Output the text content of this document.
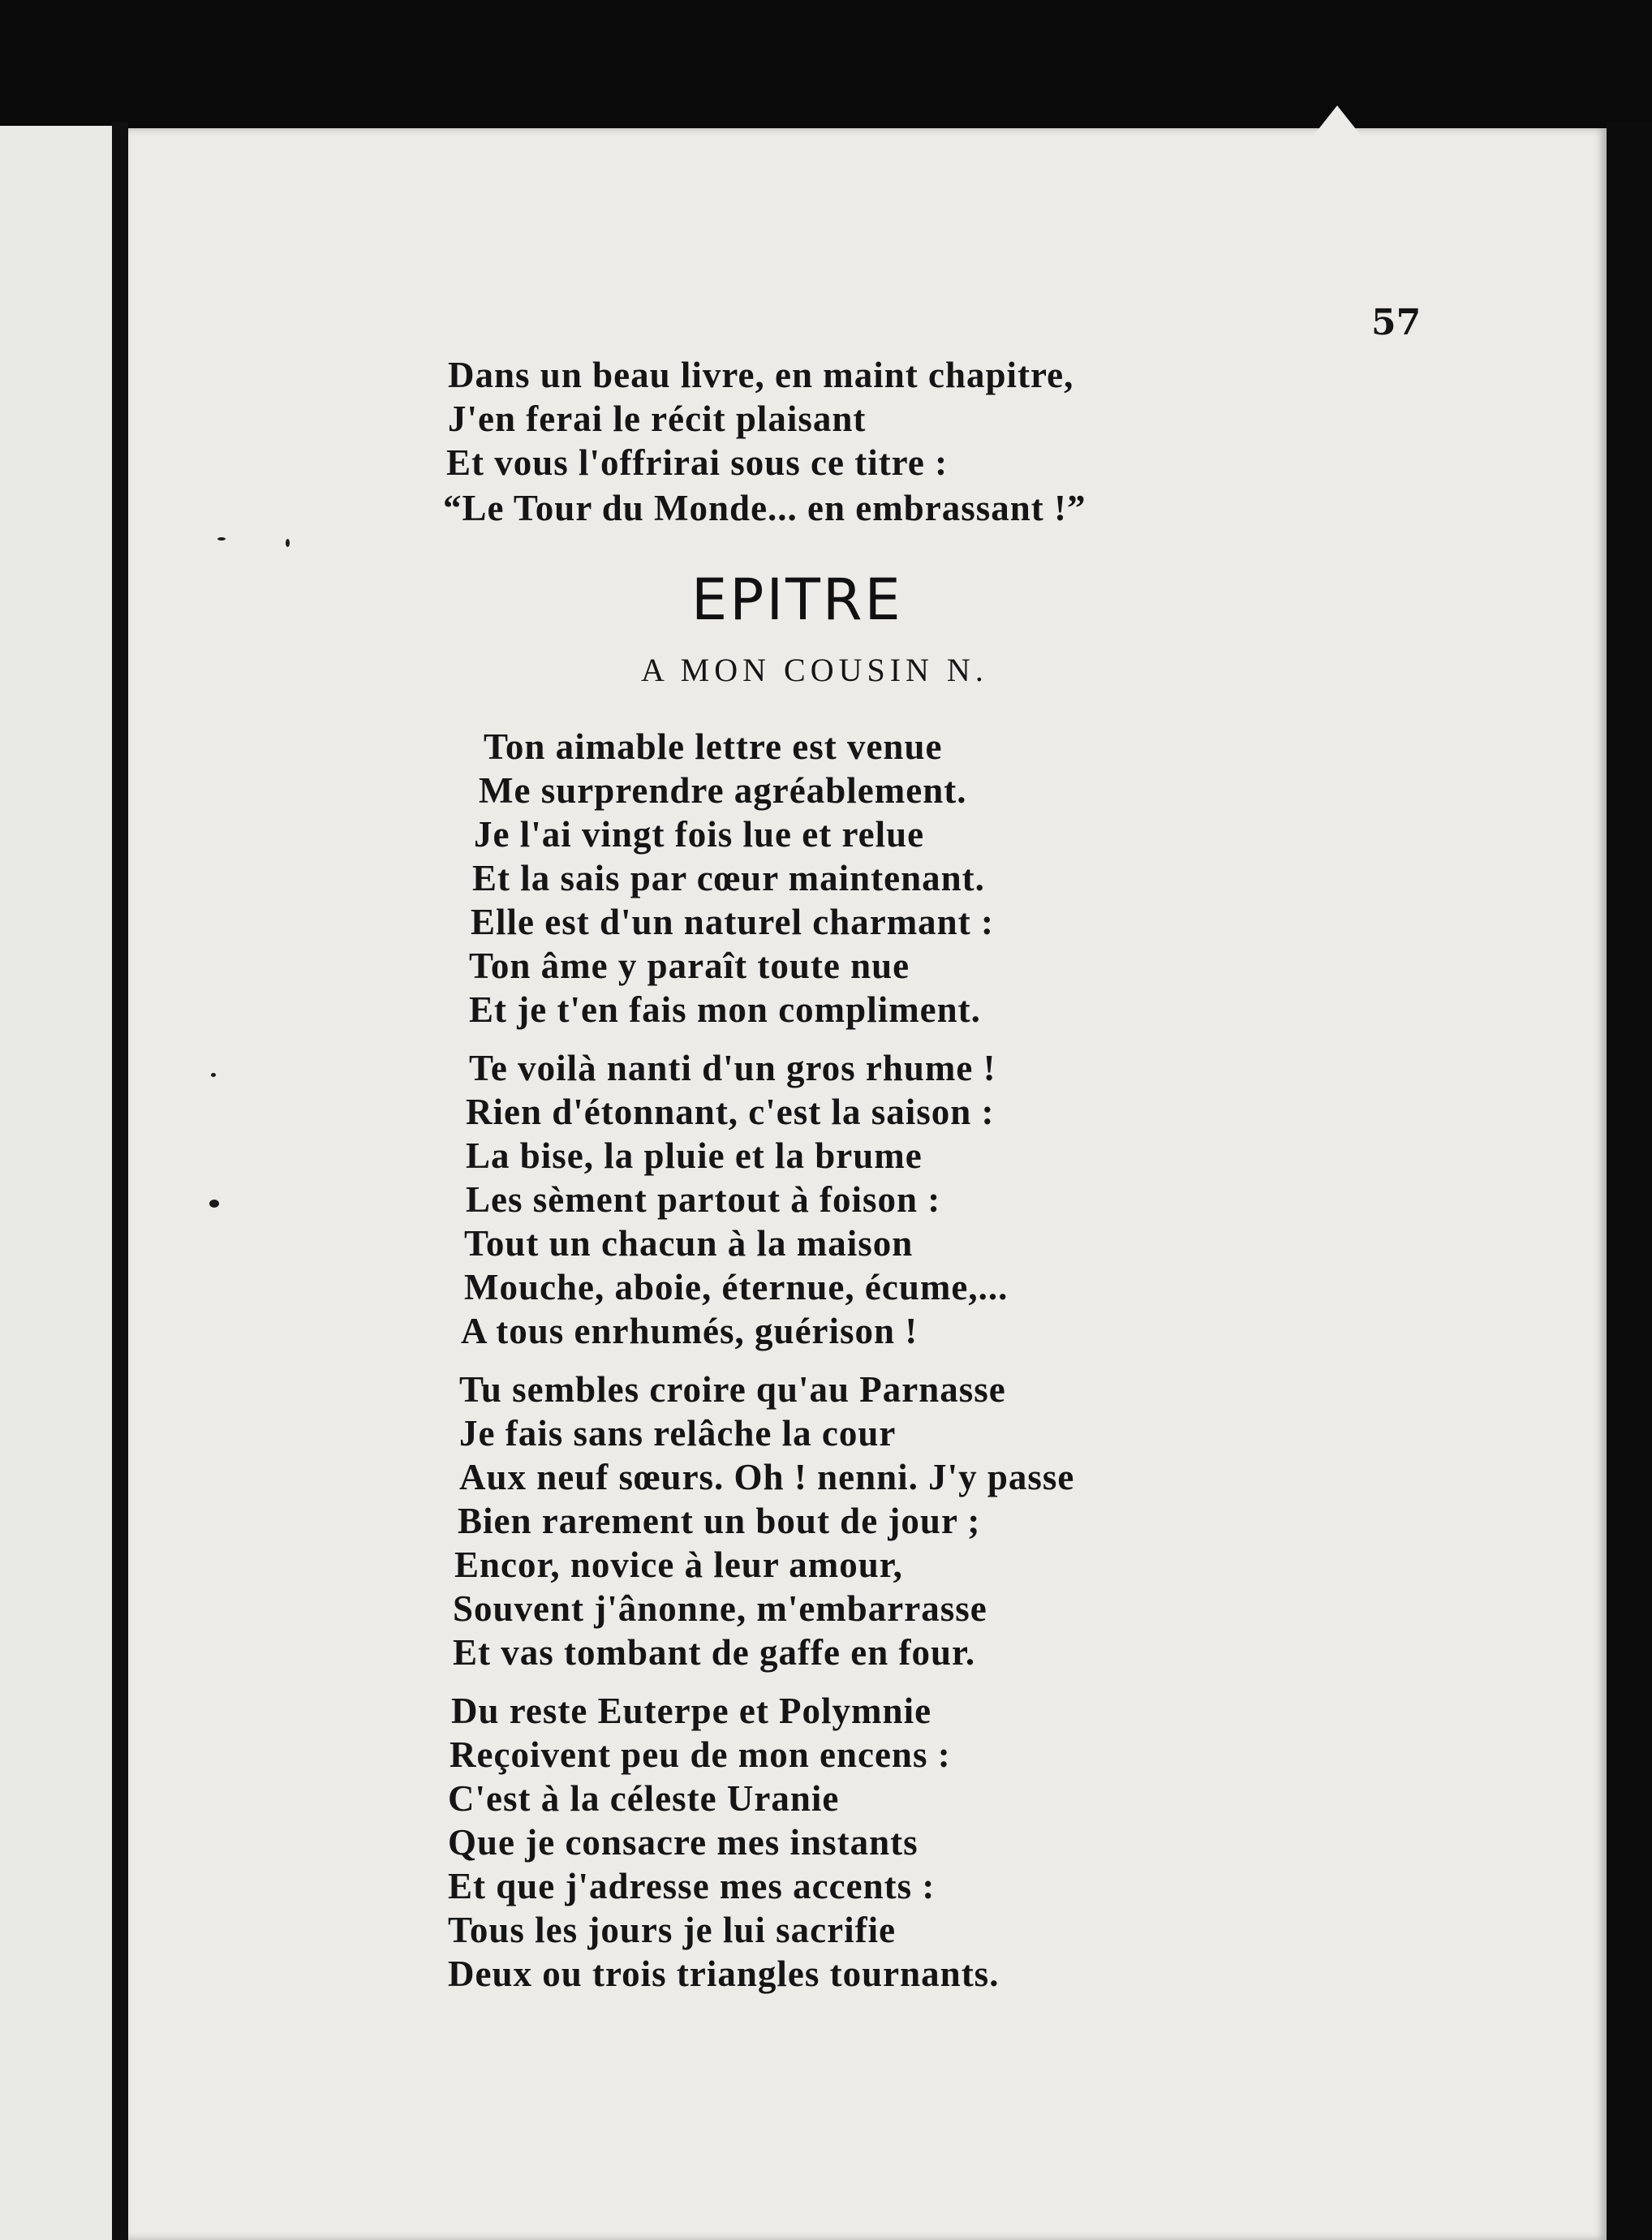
57
Dans un beau livre, en maint chapitre,
J'en ferai le récit plaisant
Et vous l'offrirai sous ce titre :
“Le Tour du Monde... en embrassant !”
EPITRE
A MON COUSIN N.
Ton aimable lettre est venue
Me surprendre agréablement.
Je l'ai vingt fois lue et relue
Et la sais par cœur maintenant.
Elle est d'un naturel charmant :
Ton âme y paraît toute nue
Et je t'en fais mon compliment.
Te voilà nanti d'un gros rhume !
Rien d'étonnant, c'est la saison :
La bise, la pluie et la brume
Les sèment partout à foison :
Tout un chacun à la maison
Mouche, aboie, éternue, écume,...
A tous enrhumés, guérison !
Tu sembles croire qu'au Parnasse
Je fais sans relâche la cour
Aux neuf sœurs. Oh ! nenni. J'y passe
Bien rarement un bout de jour ;
Encor, novice à leur amour,
Souvent j'ânonne, m'embarrasse
Et vas tombant de gaffe en four.
Du reste Euterpe et Polymnie
Reçoivent peu de mon encens :
C'est à la céleste Uranie
Que je consacre mes instants
Et que j'adresse mes accents :
Tous les jours je lui sacrifie
Deux ou trois triangles tournants.
